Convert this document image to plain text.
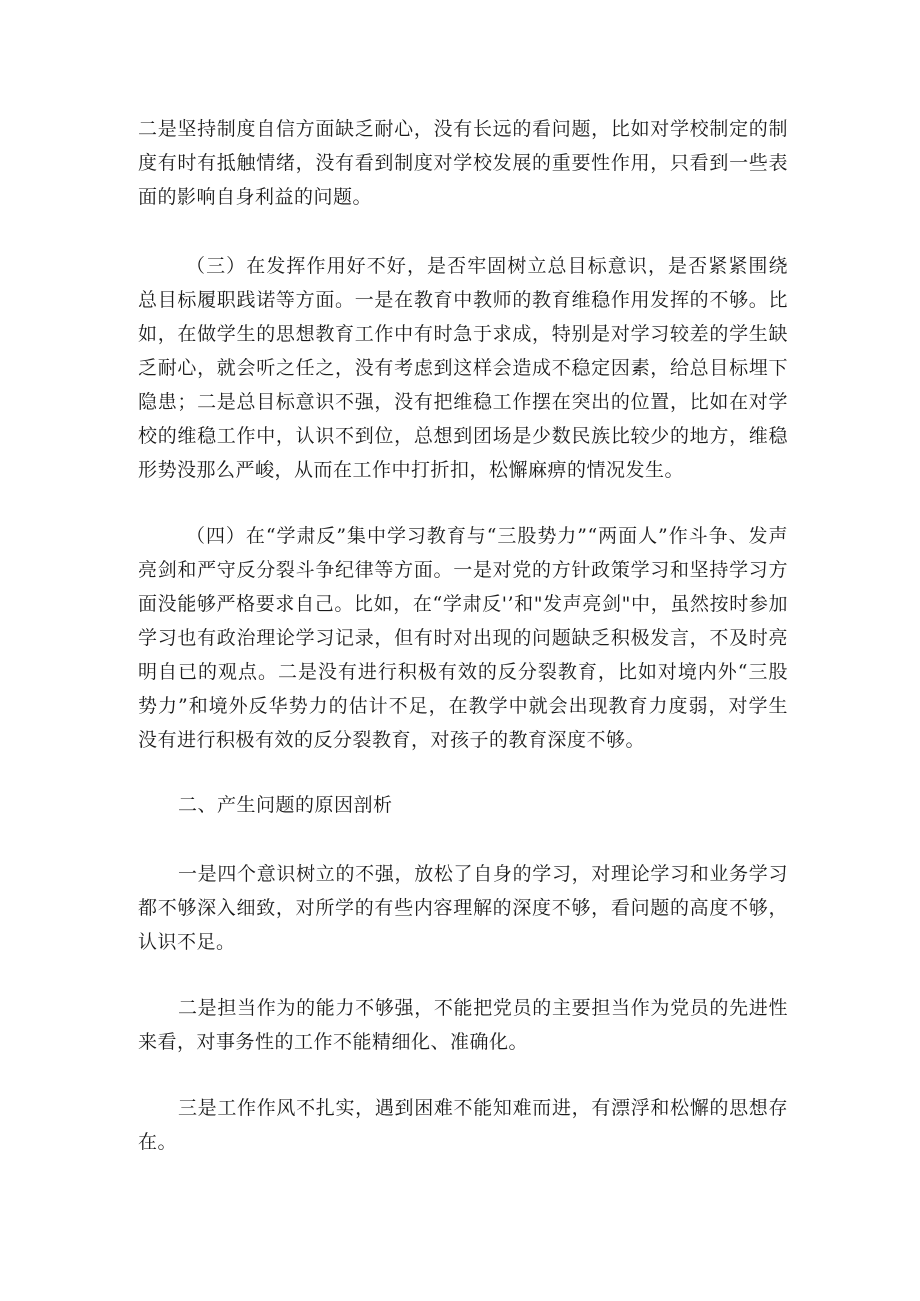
二是坚持制度自信方面缺乏耐心，没有长远的看问题，比如对学校制定的制度有时有抵触情绪，没有看到制度对学校发展的重要性作用，只看到一些表面的影响自身利益的问题。

（三）在发挥作用好不好，是否牢固树立总目标意识，是否紧紧围绕总目标履职践诺等方面。一是在教育中教师的教育维稳作用发挥的不够。比如，在做学生的思想教育工作中有时急于求成，特别是对学习较差的学生缺乏耐心，就会听之任之，没有考虑到这样会造成不稳定因素，给总目标埋下隐患；二是总目标意识不强，没有把维稳工作摆在突出的位置，比如在对学校的维稳工作中，认识不到位，总想到团场是少数民族比较少的地方，维稳形势没那么严峻，从而在工作中打折扣，松懈麻痹的情况发生。

（四）在“学肃反”集中学习教育与“三股势力”“两面人”作斗争、发声亮剑和严守反分裂斗争纪律等方面。一是对党的方针政策学习和坚持学习方面没能够严格要求自己。比如，在“学肃反'’和"发声亮剑"中，虽然按时参加学习也有政治理论学习记录，但有时对出现的问题缺乏积极发言，不及时亮明自已的观点。二是没有进行积极有效的反分裂教育，比如对境内外“三股势力”和境外反华势力的估计不足，在教学中就会出现教育力度弱，对学生没有进行积极有效的反分裂教育，对孩子的教育深度不够。

二、产生问题的原因剖析

一是四个意识树立的不强，放松了自身的学习，对理论学习和业务学习都不够深入细致，对所学的有些内容理解的深度不够，看问题的高度不够，认识不足。

二是担当作为的能力不够强，不能把党员的主要担当作为党员的先进性来看，对事务性的工作不能精细化、准确化。

三是工作作风不扎实，遇到困难不能知难而进，有漂浮和松懈的思想存在。
